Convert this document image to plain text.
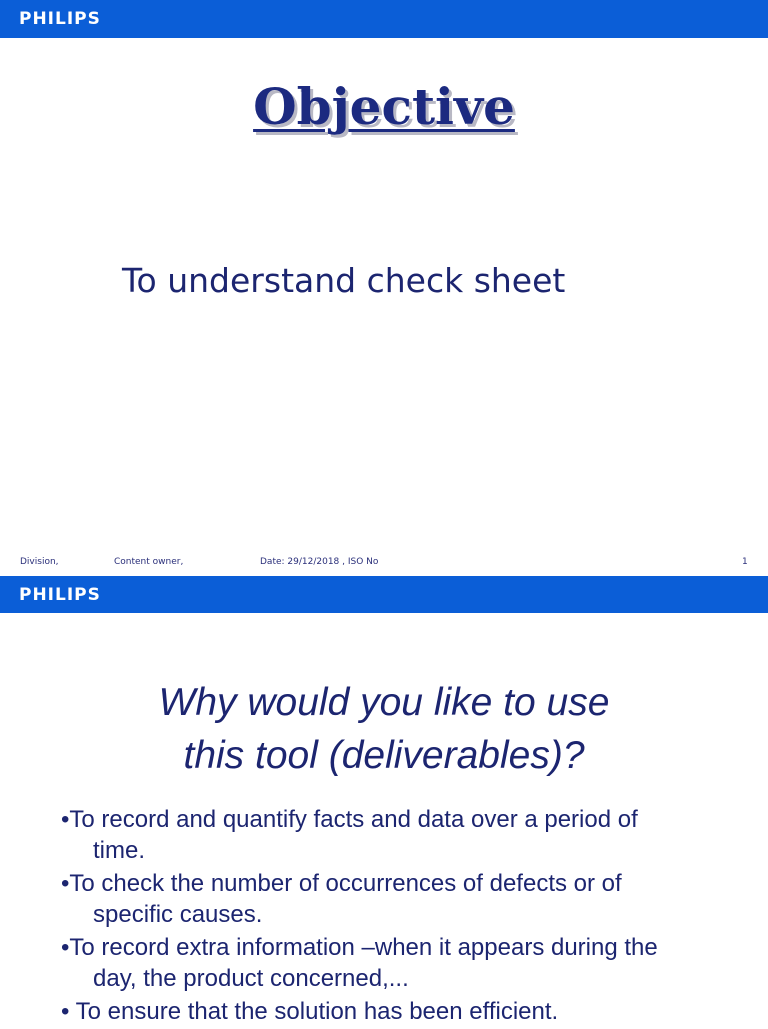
PHILIPS
Objective
To understand check sheet
Division,	Content owner,	Date: 29/12/2018 , ISO No	1
PHILIPS
Why would you like to use
this tool (deliverables)?
•To record and quantify facts and data over a period of
time.
•To check the number of occurrences of defects or of
specific causes.
•To record extra information –when it appears during the
day, the product concerned,...
• To ensure that the solution has been efficient.
